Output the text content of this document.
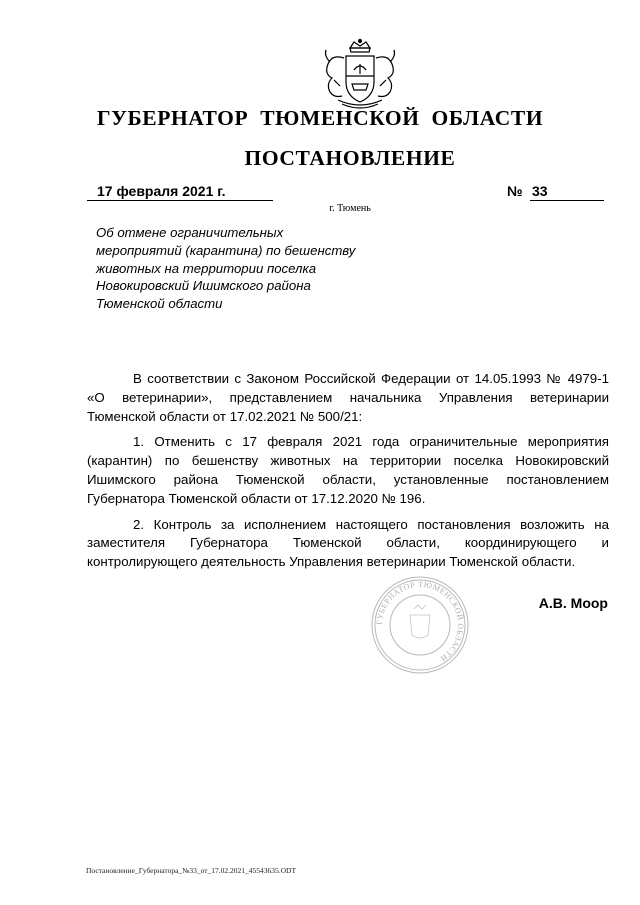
ГУБЕРНАТОР ТЮМЕНСКОЙ ОБЛАСТИ
ПОСТАНОВЛЕНИЕ
17 февраля 2021 г.	№ 33
г. Тюмень
Об отмене ограничительных мероприятий (карантина) по бешенству животных на территории поселка Новокировский Ишимского района Тюменской области

В соответствии с Законом Российской Федерации от 14.05.1993 № 4979-1 «О ветеринарии», представлением начальника Управления ветеринарии Тюменской области от 17.02.2021 № 500/21:

1. Отменить с 17 февраля 2021 года ограничительные мероприятия (карантин) по бешенству животных на территории поселка Новокировский Ишимского района Тюменской области, установленные постановлением Губернатора Тюменской области от 17.12.2020 № 196.

2. Контроль за исполнением настоящего постановления возложить на заместителя Губернатора Тюменской области, координирующего и контролирующего деятельность Управления ветеринарии Тюменской области.

ГУБЕРНАТОР ТЮМЕНСКОЙ ОБЛАСТИ
А.В. Моор
Постановление_Губернатора_№33_от_17.02.2021_45543635.ODT
